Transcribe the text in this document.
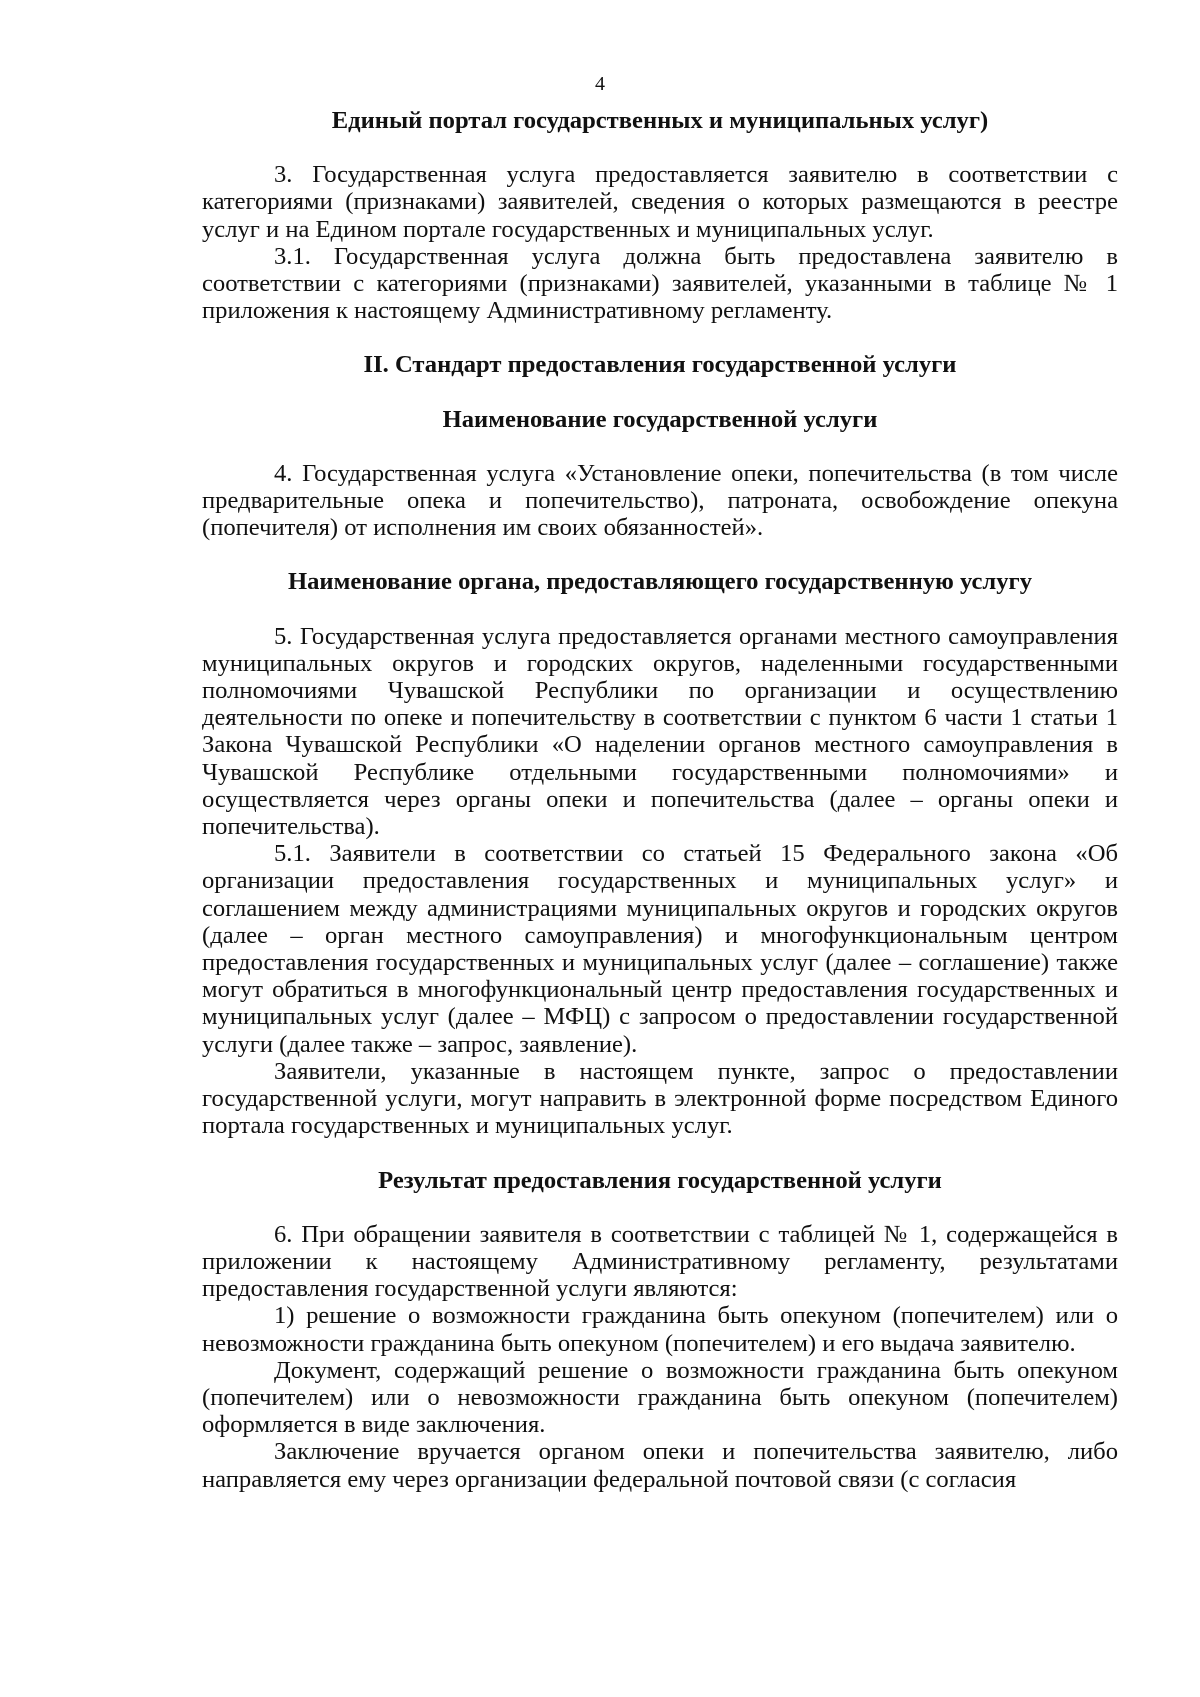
4

Единый портал государственных и муниципальных услуг)

3. Государственная услуга предоставляется заявителю в соответствии с категориями (признаками) заявителей, сведения о которых размещаются в реестре услуг и на Едином портале государственных и муниципальных услуг.

3.1. Государственная услуга должна быть предоставлена заявителю в соответствии с категориями (признаками) заявителей, указанными в таблице № 1 приложения к настоящему Административному регламенту.

II. Стандарт предоставления государственной услуги

Наименование государственной услуги

4. Государственная услуга «Установление опеки, попечительства (в том числе предварительные опека и попечительство), патроната, освобождение опекуна (попечителя) от исполнения им своих обязанностей».

Наименование органа, предоставляющего государственную услугу

5. Государственная услуга предоставляется органами местного самоуправления муниципальных округов и городских округов, наделенными государственными полномочиями Чувашской Республики по организации и осуществлению деятельности по опеке и попечительству в соответствии с пунктом 6 части 1 статьи 1 Закона Чувашской Республики «О наделении органов местного самоуправления в Чувашской Республике отдельными государственными полномочиями» и осуществляется через органы опеки и попечительства (далее – органы опеки и попечительства).

5.1. Заявители в соответствии со статьей 15 Федерального закона «Об организации предоставления государственных и муниципальных услуг» и соглашением между администрациями муниципальных округов и городских округов (далее – орган местного самоуправления) и многофункциональным центром предоставления государственных и муниципальных услуг (далее – соглашение) также могут обратиться в многофункциональный центр предоставления государственных и муниципальных услуг (далее – МФЦ) с запросом о предоставлении государственной услуги (далее также – запрос, заявление).

Заявители, указанные в настоящем пункте, запрос о предоставлении государственной услуги, могут направить в электронной форме посредством Единого портала государственных и муниципальных услуг.

Результат предоставления государственной услуги

6. При обращении заявителя в соответствии с таблицей № 1, содержащейся в приложении к настоящему Административному регламенту, результатами предоставления государственной услуги являются:

1) решение о возможности гражданина быть опекуном (попечителем) или о невозможности гражданина быть опекуном (попечителем) и его выдача заявителю.

Документ, содержащий решение о возможности гражданина быть опекуном (попечителем) или о невозможности гражданина быть опекуном (попечителем) оформляется в виде заключения.

Заключение вручается органом опеки и попечительства заявителю, либо направляется ему через организации федеральной почтовой связи (с согласия
